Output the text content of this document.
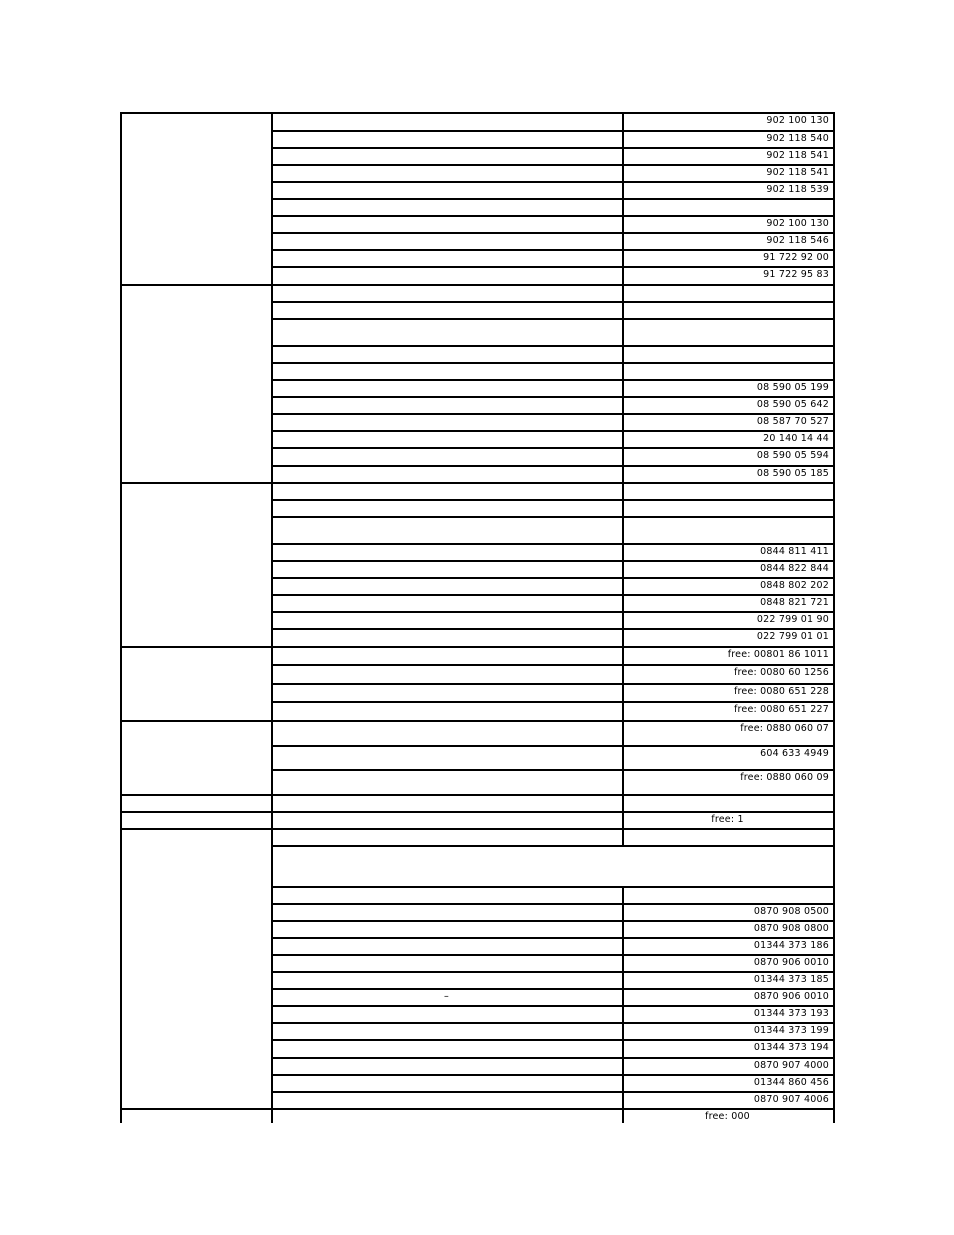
902 100 130
902 118 540
902 118 541
902 118 541
902 118 539
902 100 130
902 118 546
91 722 92 00
91 722 95 83
08 590 05 199
08 590 05 642
08 587 70 527
20 140 14 44
08 590 05 594
08 590 05 185
0844 811 411
0844 822 844
0848 802 202
0848 821 721
022 799 01 90
022 799 01 01
free: 00801 86 1011
free: 0080 60 1256
free: 0080 651 228
free: 0080 651 227
free: 0880 060 07
604 633 4949
free: 0880 060 09
free: 1
0870 908 0500
0870 908 0800
01344 373 186
0870 906 0010
01344 373 185
0870 906 0010
–
01344 373 193
01344 373 199
01344 373 194
0870 907 4000
01344 860 456
0870 907 4006
free: 000
